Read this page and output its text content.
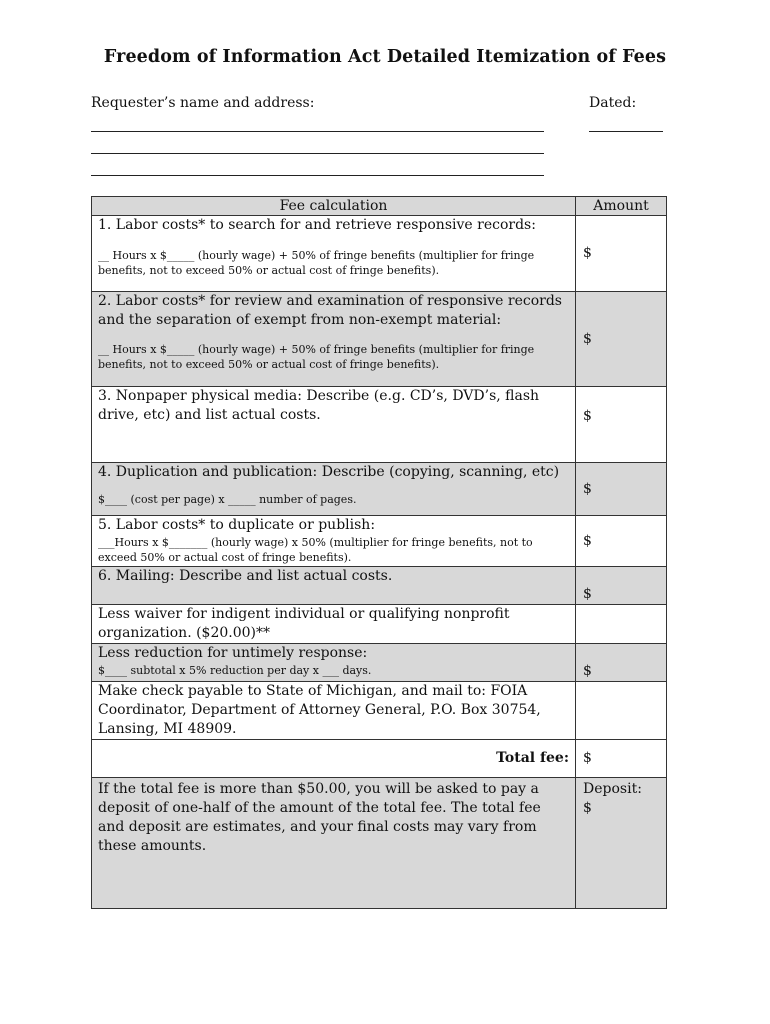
Freedom of Information Act Detailed Itemization of Fees
Requester’s name and address:	Dated:
Fee calculation	Amount
1. Labor costs* to search for and retrieve responsive records:
__ Hours x $_____ (hourly wage) + 50% of fringe benefits (multiplier for fringe benefits, not to exceed 50% or actual cost of fringe benefits).	$
2. Labor costs* for review and examination of responsive records and the separation of exempt from non-exempt material:
__ Hours x $_____ (hourly wage) + 50% of fringe benefits (multiplier for fringe benefits, not to exceed 50% or actual cost of fringe benefits).	$
3. Nonpaper physical media: Describe (e.g. CD’s, DVD’s, flash drive, etc) and list actual costs.	$
4. Duplication and publication: Describe (copying, scanning, etc)
$____ (cost per page) x _____ number of pages.	$
5. Labor costs* to duplicate or publish:
___Hours x $_______ (hourly wage) x 50% (multiplier for fringe benefits, not to exceed 50% or actual cost of fringe benefits).	$
6. Mailing: Describe and list actual costs.	$
Less waiver for indigent individual or qualifying nonprofit organization. ($20.00)**	
Less reduction for untimely response:
$____ subtotal x 5% reduction per day x ___ days.	$
Make check payable to State of Michigan, and mail to: FOIA Coordinator, Department of Attorney General, P.O. Box 30754, Lansing, MI 48909.	
Total fee:	$
If the total fee is more than $50.00, you will be asked to pay a deposit of one-half of the amount of the total fee. The total fee and deposit are estimates, and your final costs may vary from these amounts.	Deposit:
$
